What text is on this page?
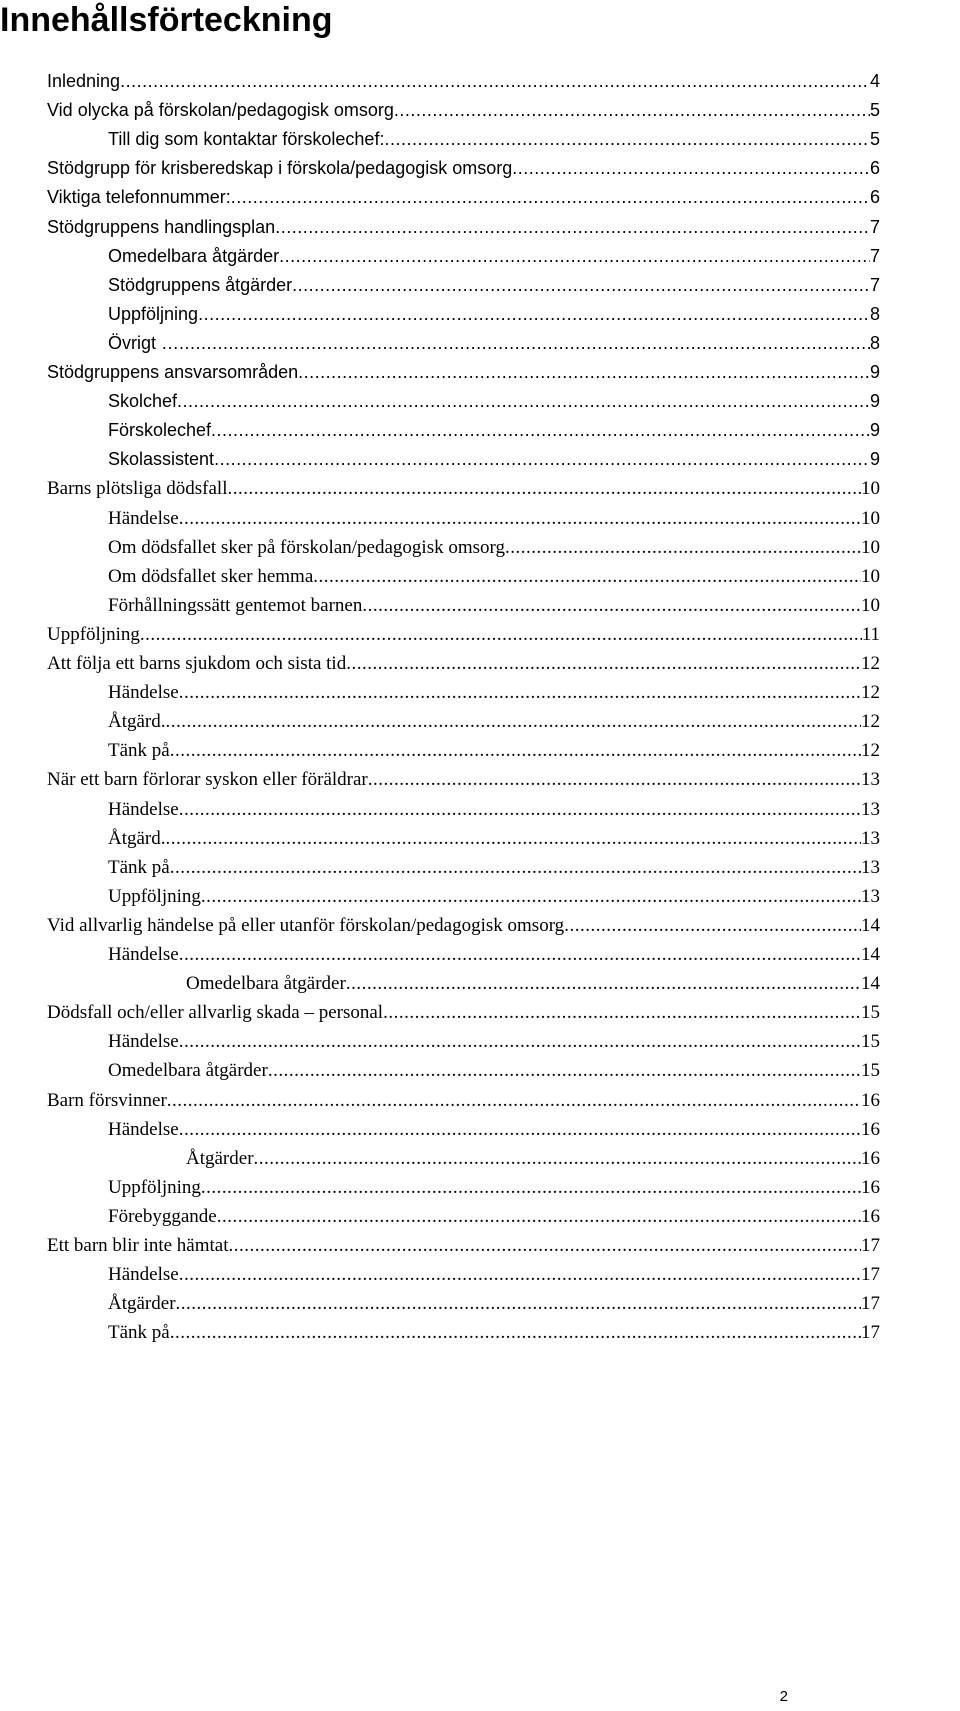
Innehållsförteckning
Inledning .....	4
Vid olycka på förskolan/pedagogisk omsorg .....	5
Till dig som kontaktar förskolechef: .....	5
Stödgrupp för krisberedskap i förskola/pedagogisk omsorg .....	6
Viktiga telefonnummer: .....	6
Stödgruppens handlingsplan .....	7
Omedelbara åtgärder .....	7
Stödgruppens åtgärder .....	7
Uppföljning .....	8
Övrigt … .....	8
Stödgruppens ansvarsområden .....	9
Skolchef .....	9
Förskolechef .....	9
Skolassistent .....	9
Barns plötsliga dödsfall .....	10
Händelse .....	10
Om dödsfallet sker på förskolan/pedagogisk omsorg .....	10
Om dödsfallet sker hemma .....	10
Förhållningssätt gentemot barnen .....	10
Uppföljning .....	11
Att följa ett barns sjukdom och sista tid .....	12
Händelse .....	12
Åtgärd. .....	12
Tänk på .....	12
När ett barn förlorar syskon eller föräldrar .....	13
Händelse .....	13
Åtgärd. .....	13
Tänk på .....	13
Uppföljning .....	13
Vid allvarlig händelse på eller utanför förskolan/pedagogisk omsorg .....	14
Händelse .....	14
Omedelbara åtgärder .....	14
Dödsfall och/eller allvarlig skada – personal .....	15
Händelse .....	15
Omedelbara åtgärder .....	15
Barn försvinner .....	16
Händelse .....	16
Åtgärder .....	16
Uppföljning .....	16
Förebyggande .....	16
Ett barn blir inte hämtat .....	17
Händelse .....	17
Åtgärder .....	17
Tänk på .....	17
2
